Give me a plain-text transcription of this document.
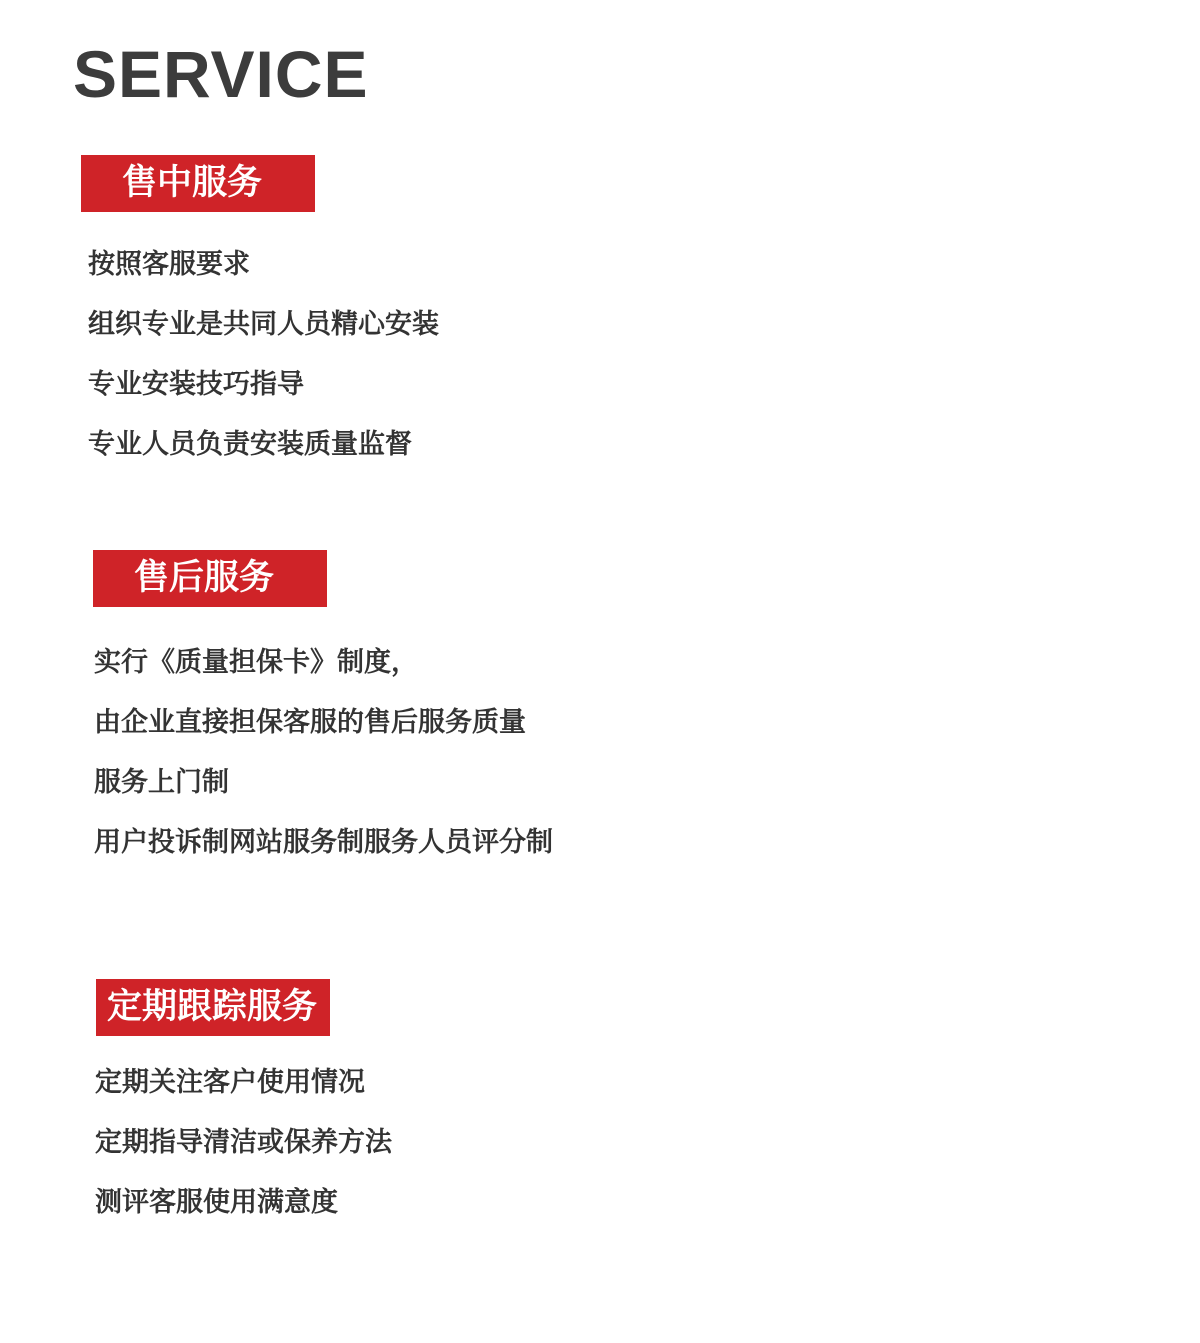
SERVICE
售中服务
按照客服要求
组织专业是共同人员精心安装
专业安装技巧指导
专业人员负责安装质量监督
售后服务
实行《质量担保卡》制度，
由企业直接担保客服的售后服务质量
服务上门制
用户投诉制网站服务制服务人员评分制
定期跟踪服务
定期关注客户使用情况
定期指导清洁或保养方法
测评客服使用满意度
